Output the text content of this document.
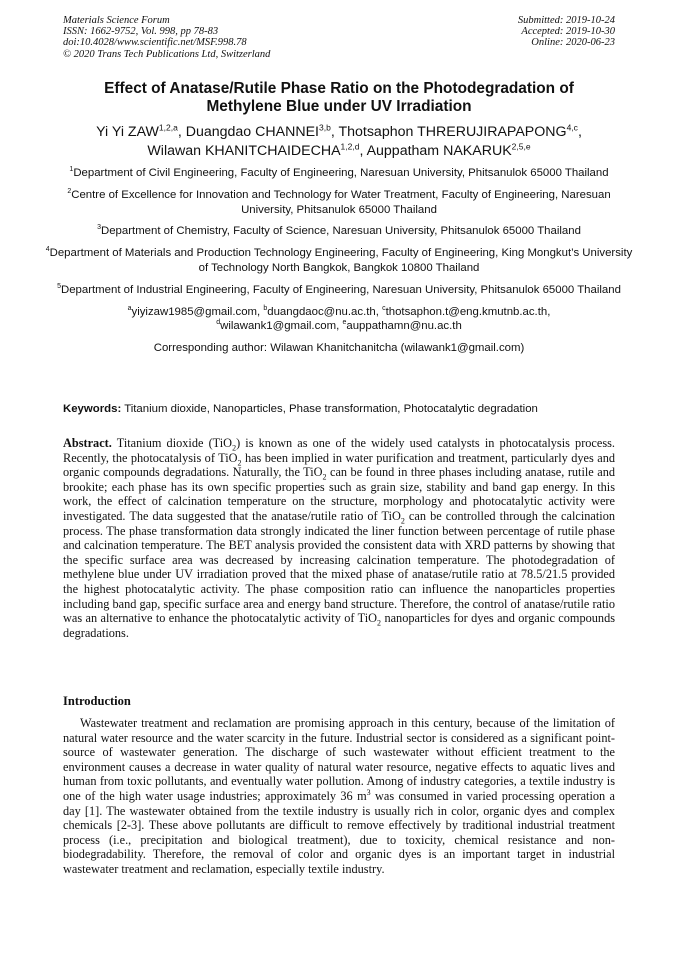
Materials Science Forum
ISSN: 1662-9752, Vol. 998, pp 78-83
doi:10.4028/www.scientific.net/MSF.998.78
© 2020 Trans Tech Publications Ltd, Switzerland
Submitted: 2019-10-24
Accepted: 2019-10-30
Online: 2020-06-23
Effect of Anatase/Rutile Phase Ratio on the Photodegradation of
Methylene Blue under UV Irradiation
Yi Yi ZAW$^{1,2,a}$, Duangdao CHANNEI$^{3,b}$, Thotsaphon THRERUJIRAPAPONG$^{4,c}$,
Wilawan KHANITCHAIDECHA$^{1,2,d}$, Auppatham NAKARUK$^{2,5,e}$
$^1$Department of Civil Engineering, Faculty of Engineering, Naresuan University, Phitsanulok 65000 Thailand
$^2$Centre of Excellence for Innovation and Technology for Water Treatment, Faculty of Engineering, Naresuan University, Phitsanulok 65000 Thailand
$^3$Department of Chemistry, Faculty of Science, Naresuan University, Phitsanulok 65000 Thailand
$^4$Department of Materials and Production Technology Engineering, Faculty of Engineering, King Mongkut’s University of Technology North Bangkok, Bangkok 10800 Thailand
$^5$Department of Industrial Engineering, Faculty of Engineering, Naresuan University, Phitsanulok 65000 Thailand
$^a$yiyizaw1985@gmail.com, $^b$duangdaoc@nu.ac.th, $^c$thotsaphon.t@eng.kmutnb.ac.th,
$^d$wilawank1@gmail.com, $^e$auppathamn@nu.ac.th
Corresponding author: Wilawan Khanitchanitcha (wilawank1@gmail.com)
Keywords: Titanium dioxide, Nanoparticles, Phase transformation, Photocatalytic degradation
Abstract. Titanium dioxide (TiO$_2$) is known as one of the widely used catalysts in photocatalysis process. Recently, the photocatalysis of TiO$_2$ has been implied in water purification and treatment, particularly dyes and organic compounds degradations. Naturally, the TiO$_2$ can be found in three phases including anatase, rutile and brookite; each phase has its own specific properties such as grain size, stability and band gap energy. In this work, the effect of calcination temperature on the structure, morphology and photocatalytic activity were investigated. The data suggested that the anatase/rutile ratio of TiO$_2$ can be controlled through the calcination process. The phase transformation data strongly indicated the liner function between percentage of rutile phase and calcination temperature. The BET analysis provided the consistent data with XRD patterns by showing that the specific surface area was decreased by increasing calcination temperature. The photodegradation of methylene blue under UV irradiation proved that the mixed phase of anatase/rutile ratio at 78.5/21.5 provided the highest photocatalytic activity. The phase composition ratio can influence the nanoparticles properties including band gap, specific surface area and energy band structure. Therefore, the control of anatase/rutile ratio was an alternative to enhance the photocatalytic activity of TiO$_2$ nanoparticles for dyes and organic compounds degradations.
Introduction
Wastewater treatment and reclamation are promising approach in this century, because of the limitation of natural water resource and the water scarcity in the future. Industrial sector is considered as a significant point-source of wastewater generation. The discharge of such wastewater without efficient treatment to the environment causes a decrease in water quality of natural water resource, negative effects to aquatic lives and human from toxic pollutants, and eventually water pollution. Among of industry categories, a textile industry is one of the high water usage industries; approximately 36 $m^3$ was consumed in varied processing operation a day [1]. The wastewater obtained from the textile industry is usually rich in color, organic dyes and complex chemicals [2-3]. These above pollutants are difficult to remove effectively by traditional industrial treatment process (i.e., precipitation and biological treatment), due to toxicity, chemical resistance and non-biodegradability. Therefore, the removal of color and organic dyes is an important target in industrial wastewater treatment and reclamation, especially textile industry.
